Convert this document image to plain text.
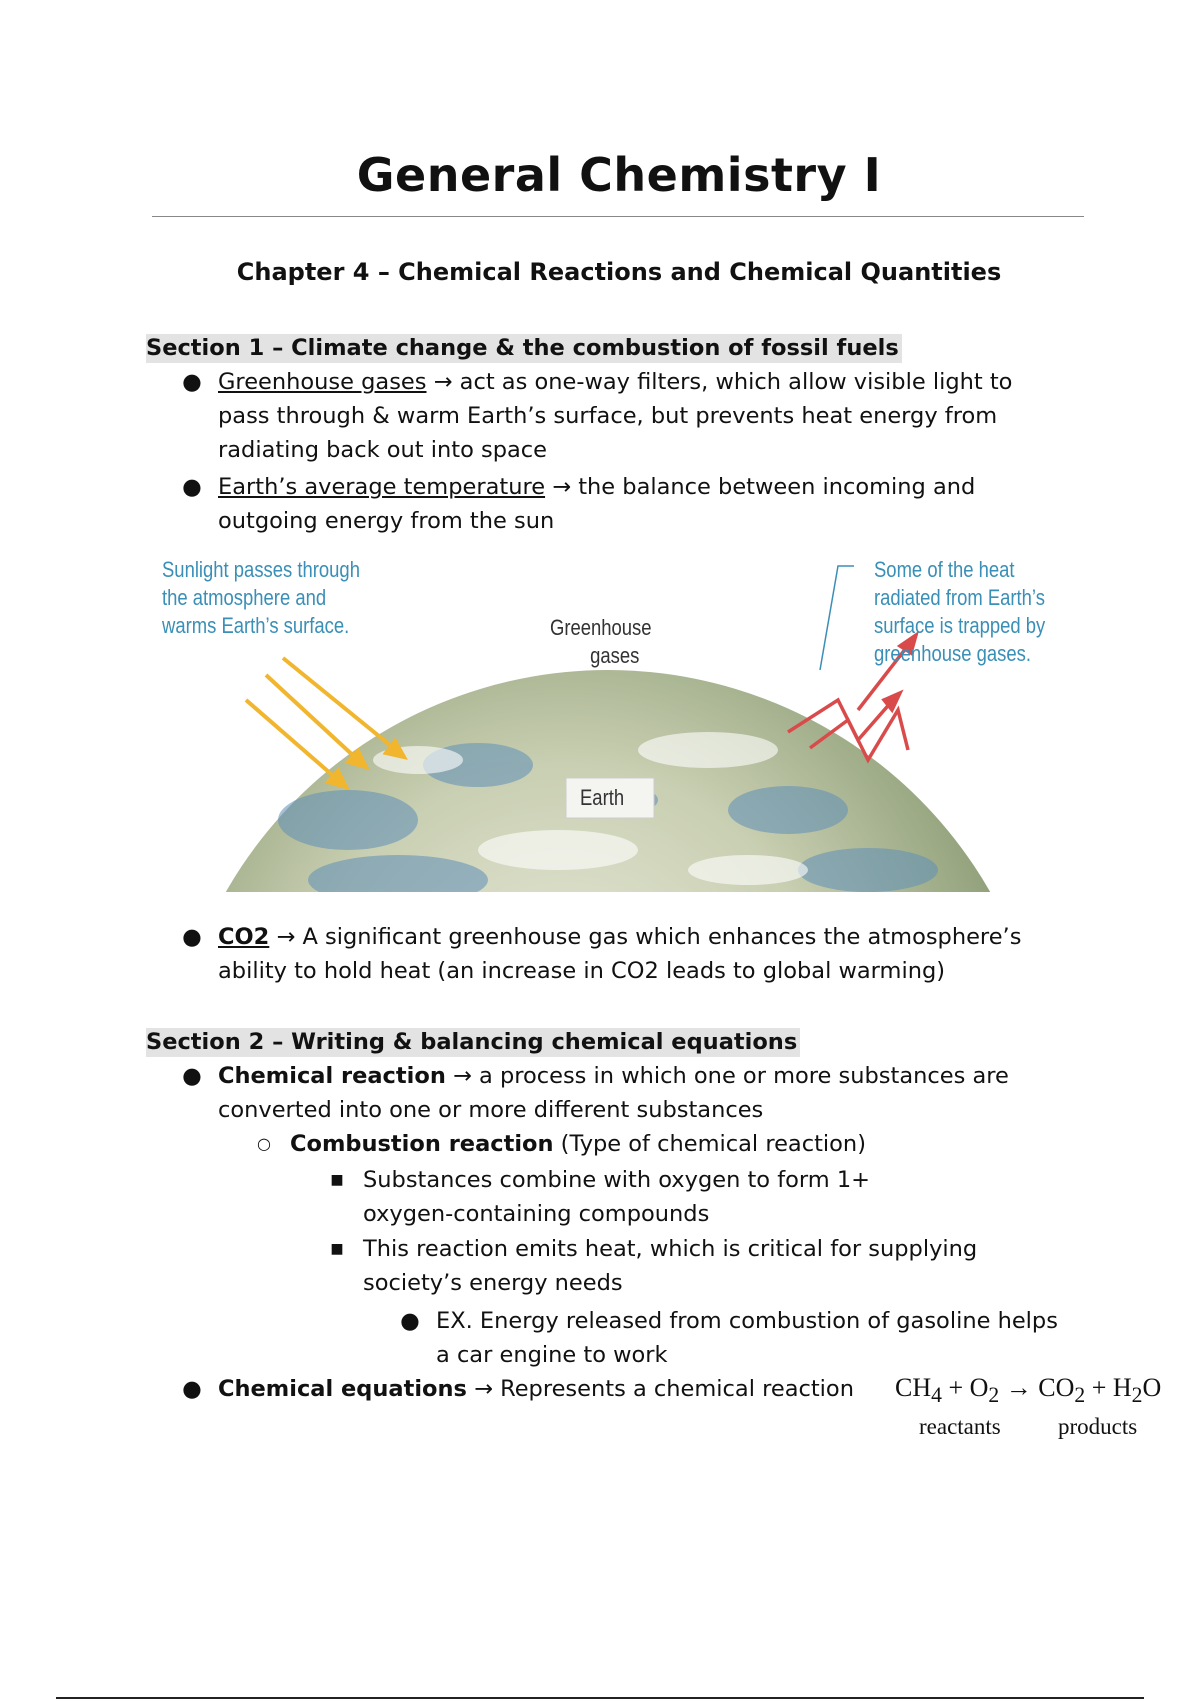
General Chemistry I
Chapter 4 – Chemical Reactions and Chemical Quantities
Section 1 – Climate change & the combustion of fossil fuels
● Greenhouse gases → act as one-way filters, which allow visible light to
pass through & warm Earth’s surface, but prevents heat energy from
radiating back out into space
● Earth’s average temperature → the balance between incoming and
outgoing energy from the sun
Sunlight passes through
the atmosphere and
warms Earth’s surface.	Greenhouse
gases
Earth
Some of the heat
radiated from Earth’s
surface is trapped by
greenhouse gases.
● CO2 → A significant greenhouse gas which enhances the atmosphere’s
ability to hold heat (an increase in CO2 leads to global warming)
Section 2 – Writing & balancing chemical equations
● Chemical reaction → a process in which one or more substances are
converted into one or more different substances
○ Combustion reaction (Type of chemical reaction)
■ Substances combine with oxygen to form 1+
oxygen-containing compounds
■ This reaction emits heat, which is critical for supplying
society’s energy needs
● EX. Energy released from combustion of gasoline helps
a car engine to work
● Chemical equations → Represents a chemical reaction	$CH_4 + O_2 \to CO_2 + H_2O$
reactants products
